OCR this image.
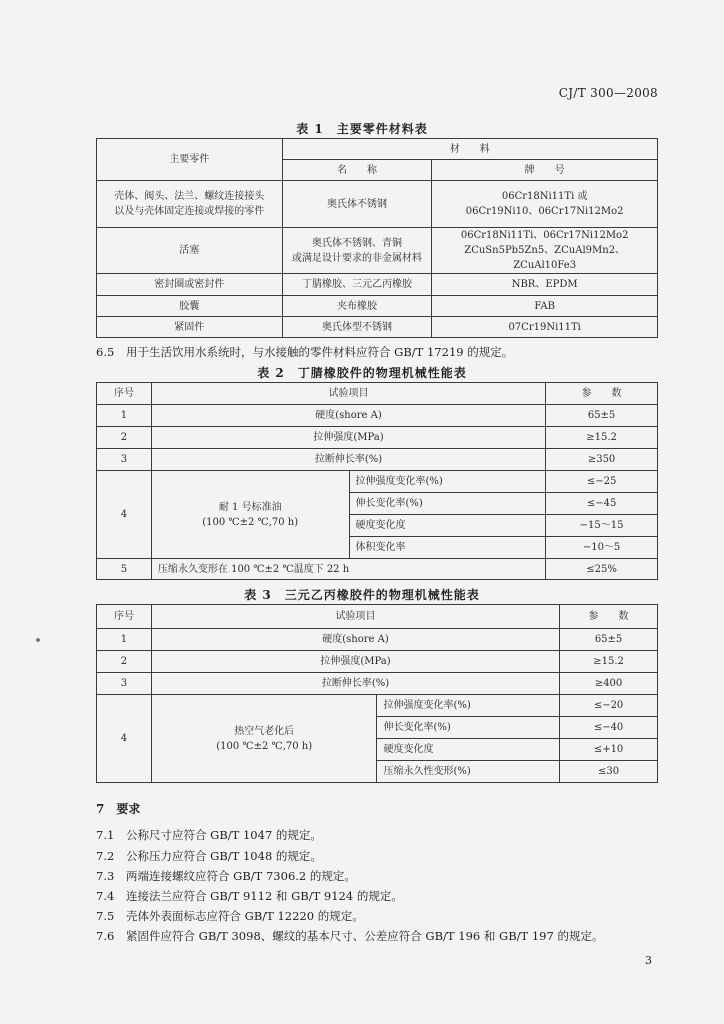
CJ/T 300—2008
表 1　主要零件材料表
主要零件	材　　料	
	名　　称	牌　　号

壳体、阀头、法兰、螺纹连接接头
以及与壳体固定连接或焊接的零件	奥氏体不锈钢	06Cr18Ni11Ti 或
06Cr19Ni10、06Cr17Ni12Mo2

活塞	奥氏体不锈钢、青铜
或满足设计要求的非金属材料	06Cr18Ni11Ti、06Cr17Ni12Mo2
ZCuSn5Pb5Zn5、ZCuAl9Mn2、ZCuAl10Fe3

密封圈或密封件	丁腈橡胶、三元乙丙橡胶	NBR、EPDM
胶囊	夹布橡胶	FAB
紧固件	奥氏体型不锈钢	07Cr19Ni11Ti
6.5 用于生活饮用水系统时，与水接触的零件材料应符合 GB/T 17219 的规定。
表 2　丁腈橡胶件的物理机械性能表
序号	试验项目		参　　数
1	硬度(shore A)		65±5
2	拉伸强度(MPa)		≥15.2
3	拉断伸长率(%)		≥350
4	耐 1 号标准油
(100 ℃±2 ℃,70 h)	拉伸强度变化率(%)	≤−25
		伸长变化率(%)	≤−45
		硬度变化度	−15～15
		体积变化率	−10～5
5	压缩永久变形在 100 ℃±2 ℃温度下 22 h		≤25%
表 3　三元乙丙橡胶件的物理机械性能表
序号	试验项目		参　　数
1	硬度(shore A)		65±5
2	拉伸强度(MPa)		≥15.2
3	拉断伸长率(%)		≥400
4	热空气老化后
(100 ℃±2 ℃,70 h)	拉伸强度变化率(%)	≤−20
		伸长变化率(%)	≤−40
		硬度变化度	≤+10
		压缩永久性变形(%)	≤30
7　要求
7.1 公称尺寸应符合 GB/T 1047 的规定。
7.2 公称压力应符合 GB/T 1048 的规定。
7.3 两端连接螺纹应符合 GB/T 7306.2 的规定。
7.4 连接法兰应符合 GB/T 9112 和 GB/T 9124 的规定。
7.5 壳体外表面标志应符合 GB/T 12220 的规定。
7.6 紧固件应符合 GB/T 3098、螺纹的基本尺寸、公差应符合 GB/T 196 和 GB/T 197 的规定。
3
